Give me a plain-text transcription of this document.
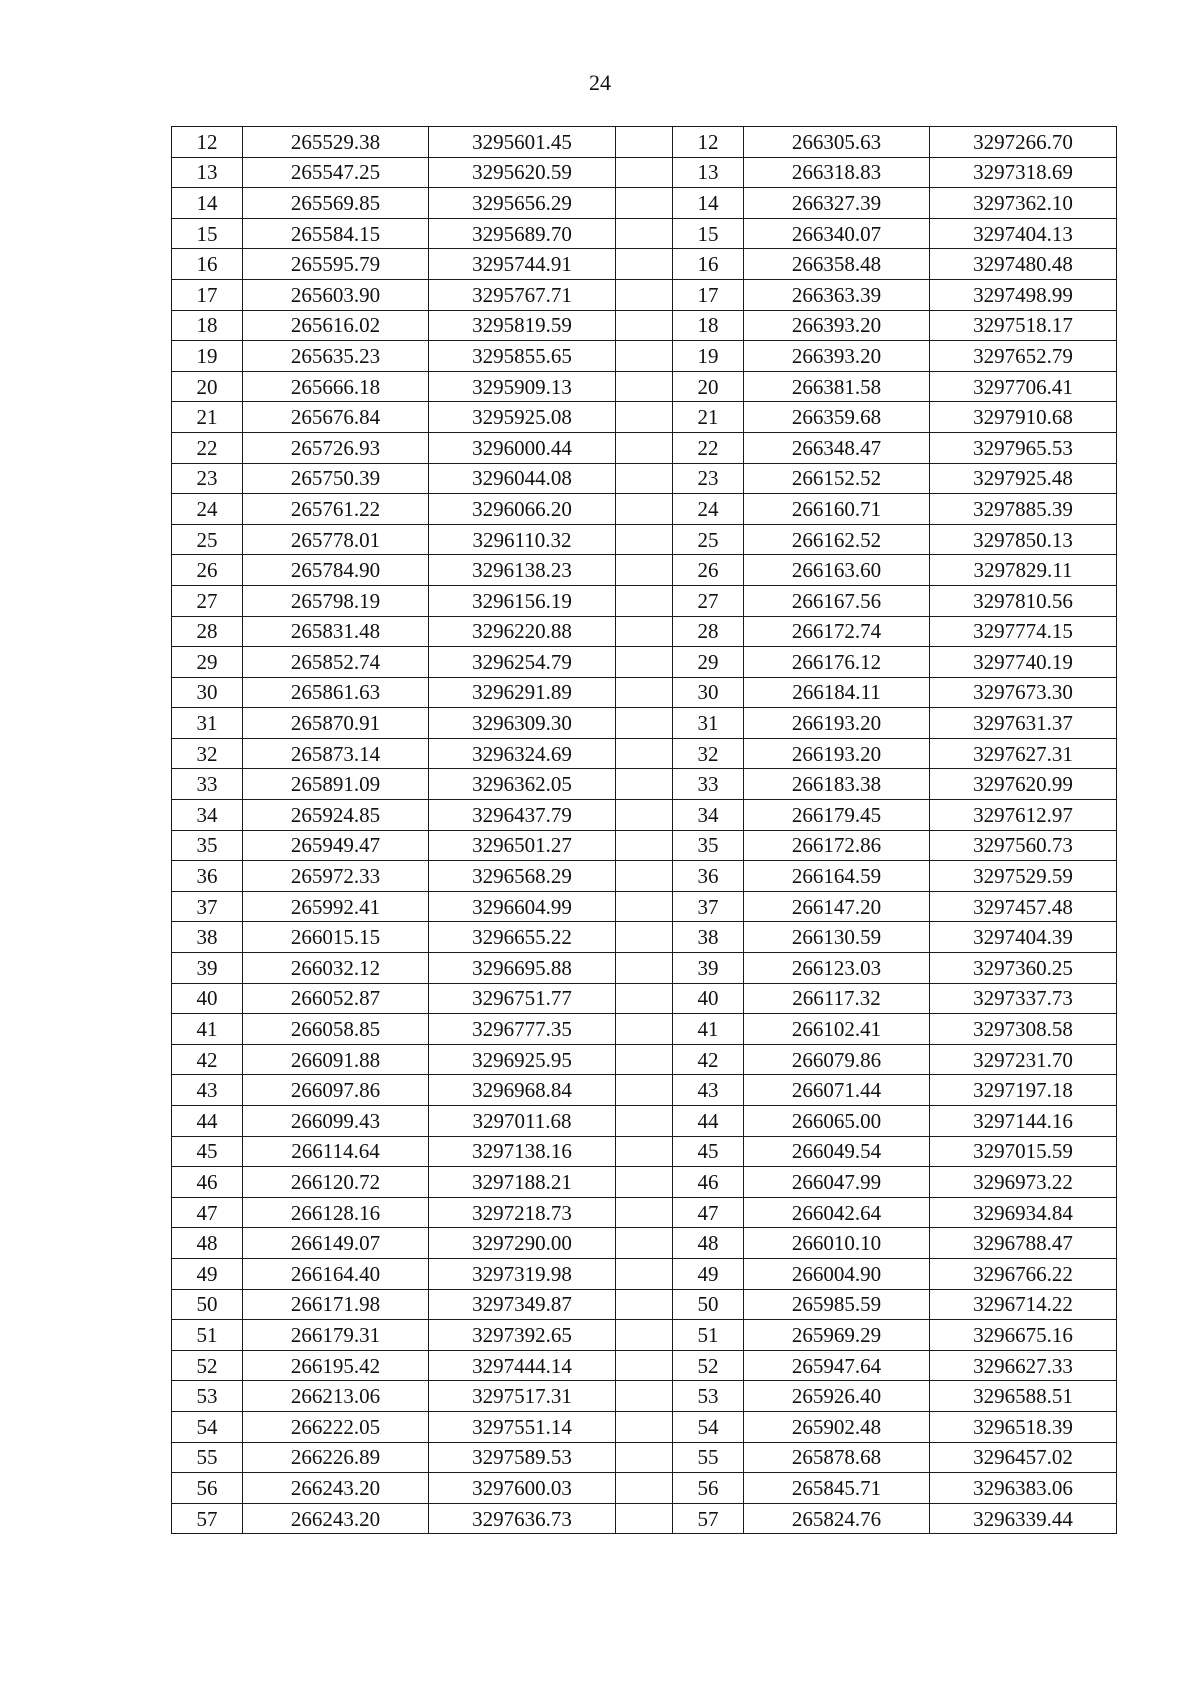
24
12	265529.38	3295601.45		12	266305.63	3297266.70
13	265547.25	3295620.59		13	266318.83	3297318.69
14	265569.85	3295656.29		14	266327.39	3297362.10
15	265584.15	3295689.70		15	266340.07	3297404.13
16	265595.79	3295744.91		16	266358.48	3297480.48
17	265603.90	3295767.71		17	266363.39	3297498.99
18	265616.02	3295819.59		18	266393.20	3297518.17
19	265635.23	3295855.65		19	266393.20	3297652.79
20	265666.18	3295909.13		20	266381.58	3297706.41
21	265676.84	3295925.08		21	266359.68	3297910.68
22	265726.93	3296000.44		22	266348.47	3297965.53
23	265750.39	3296044.08		23	266152.52	3297925.48
24	265761.22	3296066.20		24	266160.71	3297885.39
25	265778.01	3296110.32		25	266162.52	3297850.13
26	265784.90	3296138.23		26	266163.60	3297829.11
27	265798.19	3296156.19		27	266167.56	3297810.56
28	265831.48	3296220.88		28	266172.74	3297774.15
29	265852.74	3296254.79		29	266176.12	3297740.19
30	265861.63	3296291.89		30	266184.11	3297673.30
31	265870.91	3296309.30		31	266193.20	3297631.37
32	265873.14	3296324.69		32	266193.20	3297627.31
33	265891.09	3296362.05		33	266183.38	3297620.99
34	265924.85	3296437.79		34	266179.45	3297612.97
35	265949.47	3296501.27		35	266172.86	3297560.73
36	265972.33	3296568.29		36	266164.59	3297529.59
37	265992.41	3296604.99		37	266147.20	3297457.48
38	266015.15	3296655.22		38	266130.59	3297404.39
39	266032.12	3296695.88		39	266123.03	3297360.25
40	266052.87	3296751.77		40	266117.32	3297337.73
41	266058.85	3296777.35		41	266102.41	3297308.58
42	266091.88	3296925.95		42	266079.86	3297231.70
43	266097.86	3296968.84		43	266071.44	3297197.18
44	266099.43	3297011.68		44	266065.00	3297144.16
45	266114.64	3297138.16		45	266049.54	3297015.59
46	266120.72	3297188.21		46	266047.99	3296973.22
47	266128.16	3297218.73		47	266042.64	3296934.84
48	266149.07	3297290.00		48	266010.10	3296788.47
49	266164.40	3297319.98		49	266004.90	3296766.22
50	266171.98	3297349.87		50	265985.59	3296714.22
51	266179.31	3297392.65		51	265969.29	3296675.16
52	266195.42	3297444.14		52	265947.64	3296627.33
53	266213.06	3297517.31		53	265926.40	3296588.51
54	266222.05	3297551.14		54	265902.48	3296518.39
55	266226.89	3297589.53		55	265878.68	3296457.02
56	266243.20	3297600.03		56	265845.71	3296383.06
57	266243.20	3297636.73		57	265824.76	3296339.44
